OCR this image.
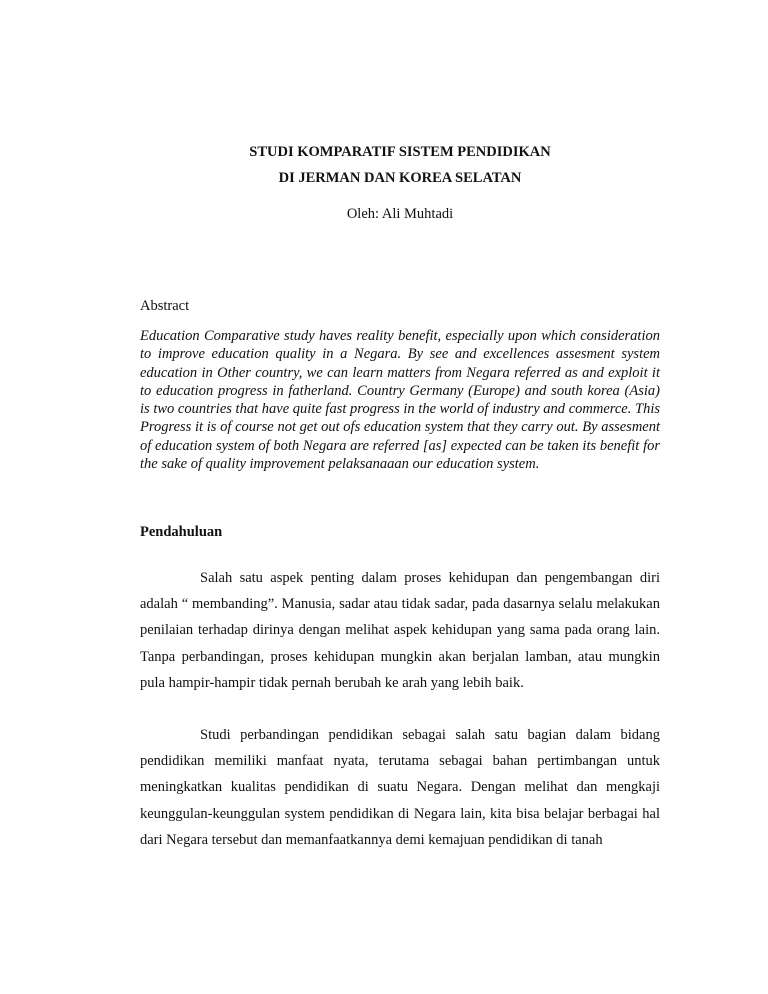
STUDI KOMPARATIF SISTEM PENDIDIKAN
DI JERMAN DAN KOREA SELATAN
Oleh: Ali Muhtadi
Abstract
Education Comparative study haves reality benefit, especially upon which consideration to improve education quality in a Negara. By see and excellences assesment system education in Other country, we can learn matters from Negara referred as and exploit it to education progress in fatherland. Country Germany (Europe) and south korea (Asia) is two countries that have quite fast progress in the world of industry and commerce. This Progress it is of course not get out ofs education system that they carry out. By assesment of education system of both Negara are referred [as] expected can be taken its benefit for the sake of quality improvement pelaksanaaan our education system.
Pendahuluan

Salah satu aspek penting dalam proses kehidupan dan pengembangan diri adalah “ membanding”. Manusia, sadar atau tidak sadar, pada dasarnya selalu melakukan penilaian terhadap dirinya dengan melihat aspek kehidupan yang sama pada orang lain. Tanpa perbandingan, proses kehidupan mungkin akan berjalan lamban, atau mungkin pula hampir-hampir tidak pernah berubah ke arah yang lebih baik.

Studi perbandingan pendidikan sebagai salah satu bagian dalam bidang pendidikan memiliki manfaat nyata, terutama sebagai bahan pertimbangan untuk meningkatkan kualitas pendidikan di suatu Negara. Dengan melihat dan mengkaji keunggulan-keunggulan system pendidikan di Negara lain, kita bisa belajar berbagai hal dari Negara tersebut dan memanfaatkannya demi kemajuan pendidikan di tanah
